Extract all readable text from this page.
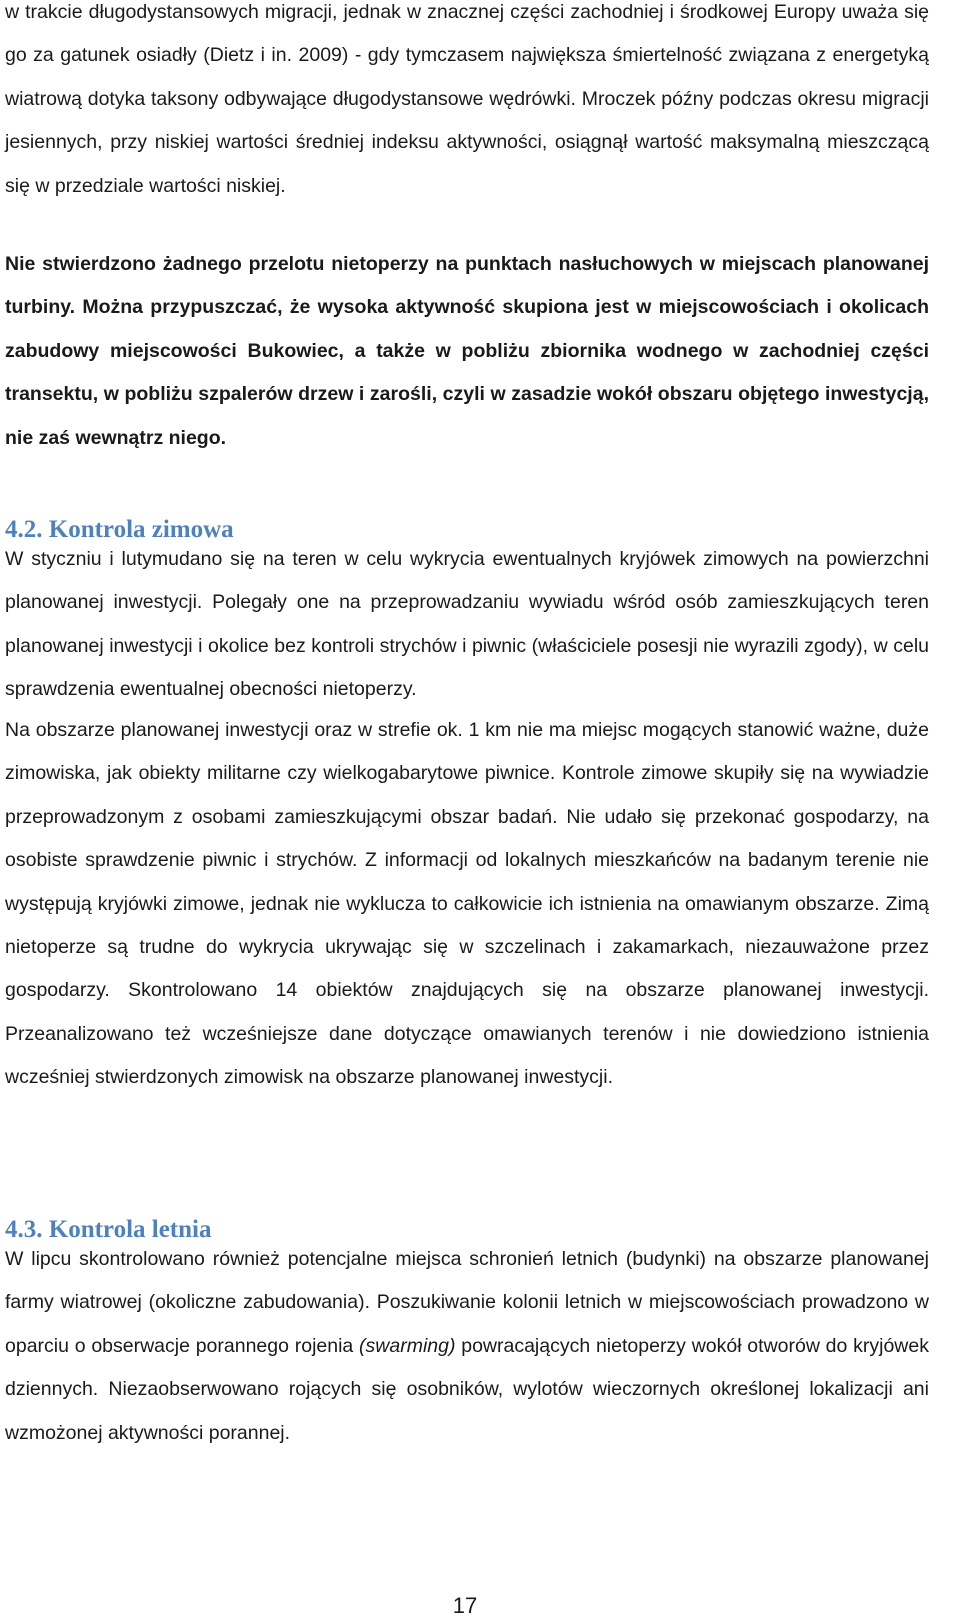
w trakcie długodystansowych migracji, jednak w znacznej części zachodniej i środkowej Europy uważa się go za gatunek osiadły (Dietz i in. 2009) - gdy tymczasem największa śmiertelność związana z energetyką wiatrową dotyka taksony odbywające długodystansowe wędrówki. Mroczek późny podczas okresu migracji jesiennych, przy niskiej wartości średniej indeksu aktywności, osiągnął wartość maksymalną mieszczącą się w przedziale wartości niskiej.

Nie stwierdzono żadnego przelotu nietoperzy na punktach nasłuchowych w miejscach planowanej turbiny. Można przypuszczać, że wysoka aktywność skupiona jest w miejscowościach i okolicach zabudowy miejscowości Bukowiec, a także w pobliżu zbiornika wodnego w zachodniej części transektu, w pobliżu szpalerów drzew i zarośli, czyli w zasadzie wokół obszaru objętego inwestycją, nie zaś wewnątrz niego.

4.2. Kontrola zimowa

W styczniu i lutymudano się na teren w celu wykrycia ewentualnych kryjówek zimowych na powierzchni planowanej inwestycji. Polegały one na przeprowadzaniu wywiadu wśród osób zamieszkujących teren planowanej inwestycji i okolice bez kontroli strychów i piwnic (właściciele posesji nie wyrazili zgody), w celu sprawdzenia ewentualnej obecności nietoperzy.

Na obszarze planowanej inwestycji oraz w strefie ok. 1 km nie ma miejsc mogących stanowić ważne, duże zimowiska, jak obiekty militarne czy wielkogabarytowe piwnice. Kontrole zimowe skupiły się na wywiadzie przeprowadzonym z osobami zamieszkującymi obszar badań. Nie udało się przekonać gospodarzy, na osobiste sprawdzenie piwnic i strychów. Z informacji od lokalnych mieszkańców na badanym terenie nie występują kryjówki zimowe, jednak nie wyklucza to całkowicie ich istnienia na omawianym obszarze. Zimą nietoperze są trudne do wykrycia ukrywając się w szczelinach i zakamarkach, niezauważone przez gospodarzy. Skontrolowano 14 obiektów znajdujących się na obszarze planowanej inwestycji. Przeanalizowano też wcześniejsze dane dotyczące omawianych terenów i nie dowiedziono istnienia wcześniej stwierdzonych zimowisk na obszarze planowanej inwestycji.

4.3. Kontrola letnia

W lipcu skontrolowano również potencjalne miejsca schronień letnich (budynki) na obszarze planowanej farmy wiatrowej (okoliczne zabudowania). Poszukiwanie kolonii letnich w miejscowościach prowadzono w oparciu o obserwacje porannego rojenia (swarming) powracających nietoperzy wokół otworów do kryjówek dziennych. Niezaobserwowano rojących się osobników, wylotów wieczornych określonej lokalizacji ani wzmożonej aktywności porannej.

17
